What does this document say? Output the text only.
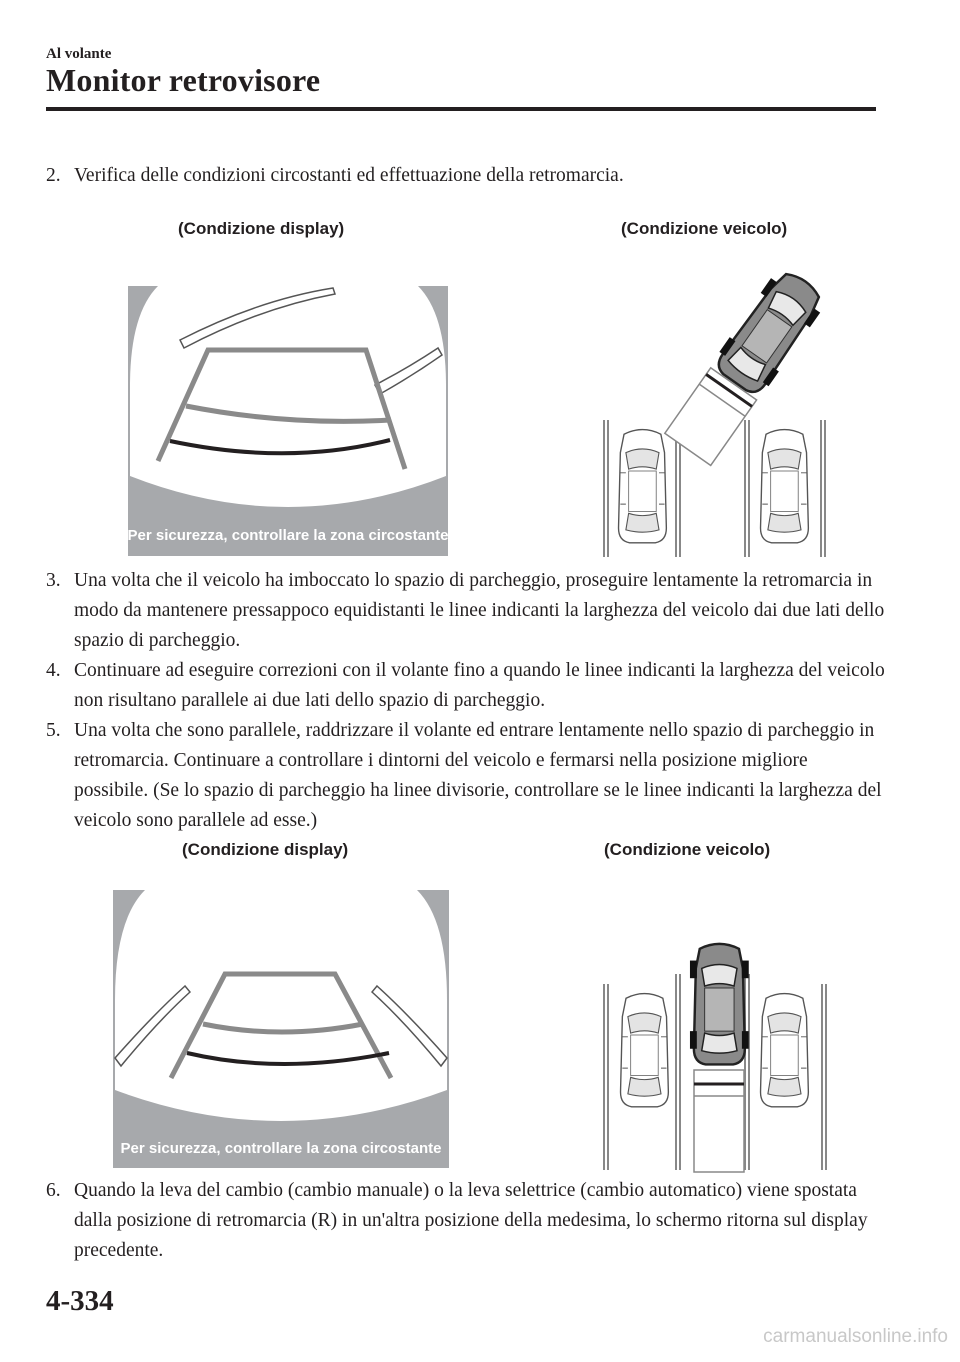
Al volante
Monitor retrovisore
2. Verifica delle condizioni circostanti ed effettuazione della retromarcia.
(Condizione display)	(Condizione veicolo)
Per sicurezza, controllare la zona circostante
3. Una volta che il veicolo ha imboccato lo spazio di parcheggio, proseguire lentamente la retromarcia in modo da mantenere pressappoco equidistanti le linee indicanti la larghezza del veicolo dai due lati dello spazio di parcheggio.
4. Continuare ad eseguire correzioni con il volante fino a quando le linee indicanti la larghezza del veicolo non risultano parallele ai due lati dello spazio di parcheggio.
5. Una volta che sono parallele, raddrizzare il volante ed entrare lentamente nello spazio di parcheggio in retromarcia. Continuare a controllare i dintorni del veicolo e fermarsi nella posizione migliore possibile. (Se lo spazio di parcheggio ha linee divisorie, controllare se le linee indicanti la larghezza del veicolo sono parallele ad esse.)
(Condizione display)	(Condizione veicolo)
Per sicurezza, controllare la zona circostante
6. Quando la leva del cambio (cambio manuale) o la leva selettrice (cambio automatico) viene spostata dalla posizione di retromarcia (R) in un'altra posizione della medesima, lo schermo ritorna sul display precedente.
4-334
carmanualsonline.info
